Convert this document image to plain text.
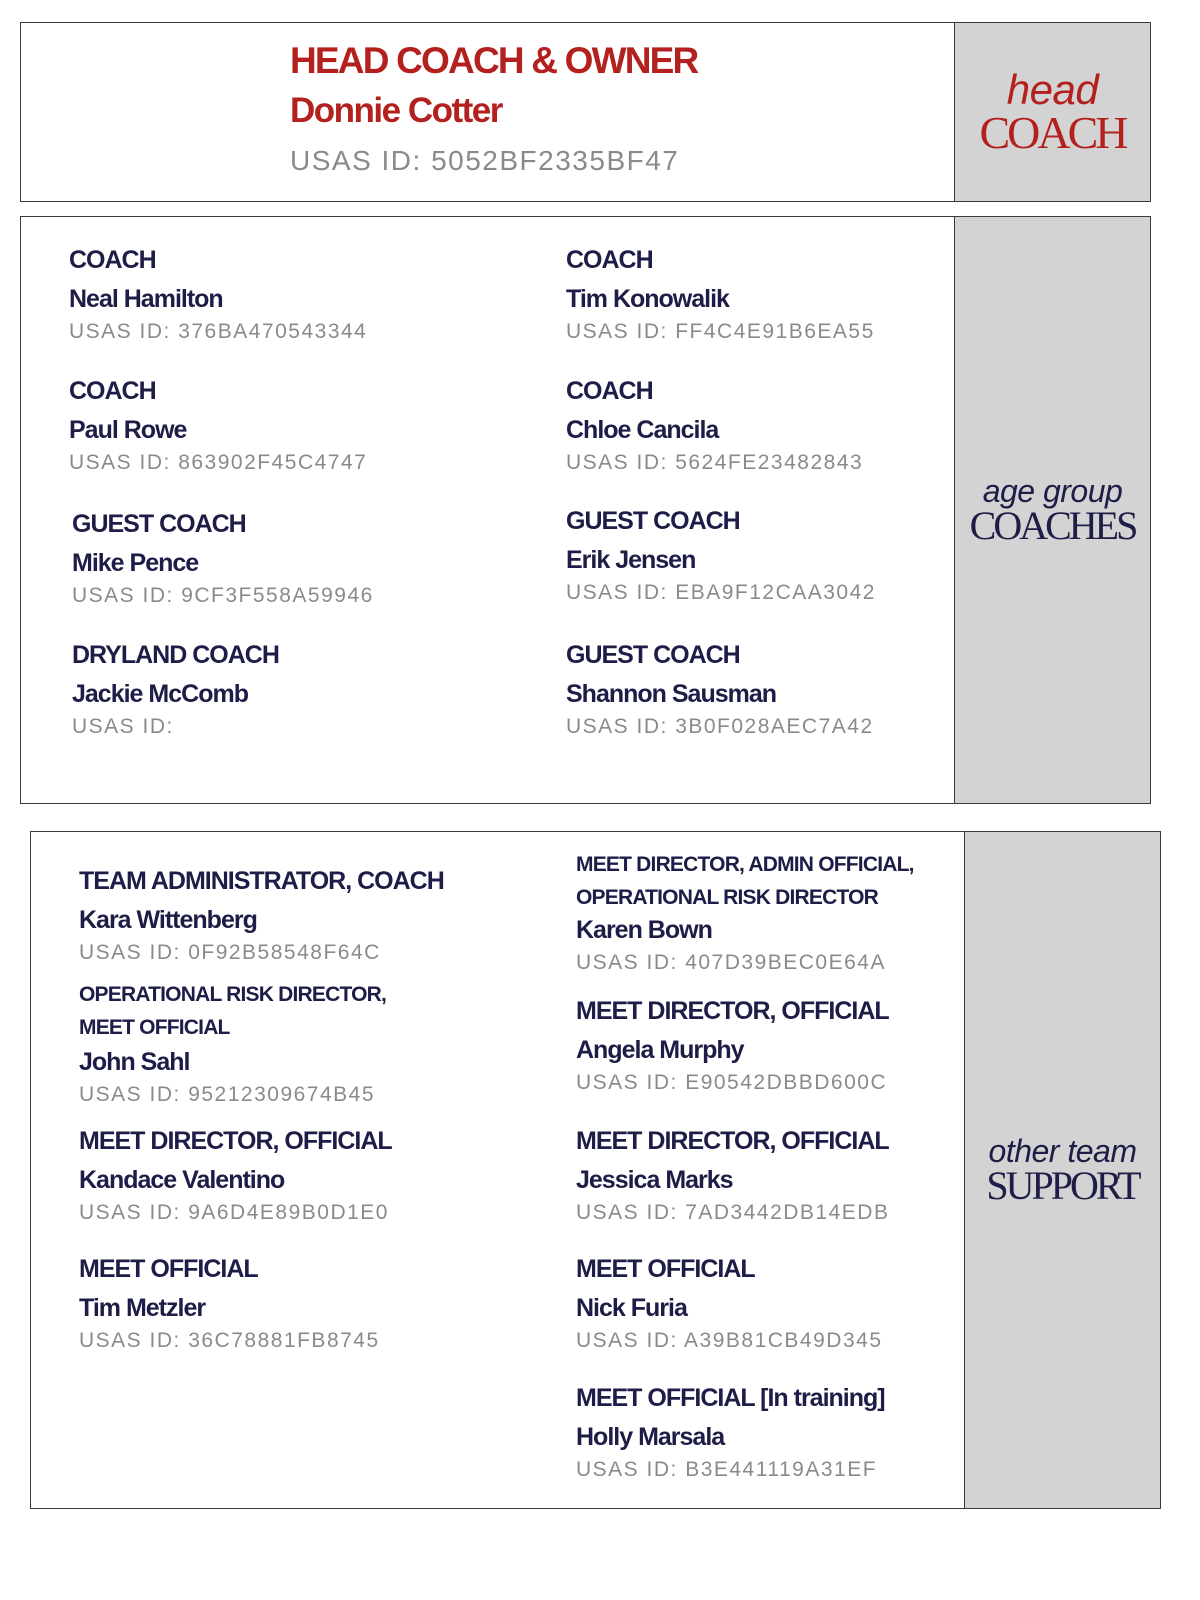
HEAD COACH & OWNER
Donnie Cotter
USAS ID: 5052BF2335BF47
head
COACH
COACH
Neal Hamilton
USAS ID: 376BA470543344
COACH
Tim Konowalik
USAS ID: FF4C4E91B6EA55
COACH
Paul Rowe
USAS ID: 863902F45C4747
COACH
Chloe Cancila
USAS ID: 5624FE23482843
GUEST COACH
Mike Pence
USAS ID: 9CF3F558A59946
GUEST COACH
Erik Jensen
USAS ID: EBA9F12CAA3042
DRYLAND COACH
Jackie McComb
USAS ID:
GUEST COACH
Shannon Sausman
USAS ID: 3B0F028AEC7A42
age group
COACHES
TEAM ADMINISTRATOR, COACH
Kara Wittenberg
USAS ID: 0F92B58548F64C
MEET DIRECTOR, ADMIN OFFICIAL, OPERATIONAL RISK DIRECTOR
Karen Bown
USAS ID: 407D39BEC0E64A
OPERATIONAL RISK DIRECTOR, MEET OFFICIAL
John Sahl
USAS ID: 95212309674B45
MEET DIRECTOR, OFFICIAL
Angela Murphy
USAS ID: E90542DBBD600C
MEET DIRECTOR, OFFICIAL
Kandace Valentino
USAS ID: 9A6D4E89B0D1E0
MEET DIRECTOR, OFFICIAL
Jessica Marks
USAS ID: 7AD3442DB14EDB
MEET OFFICIAL
Tim Metzler
USAS ID: 36C78881FB8745
MEET OFFICIAL
Nick Furia
USAS ID: A39B81CB49D345
MEET OFFICIAL [In training]
Holly Marsala
USAS ID: B3E441119A31EF
other team
SUPPORT
